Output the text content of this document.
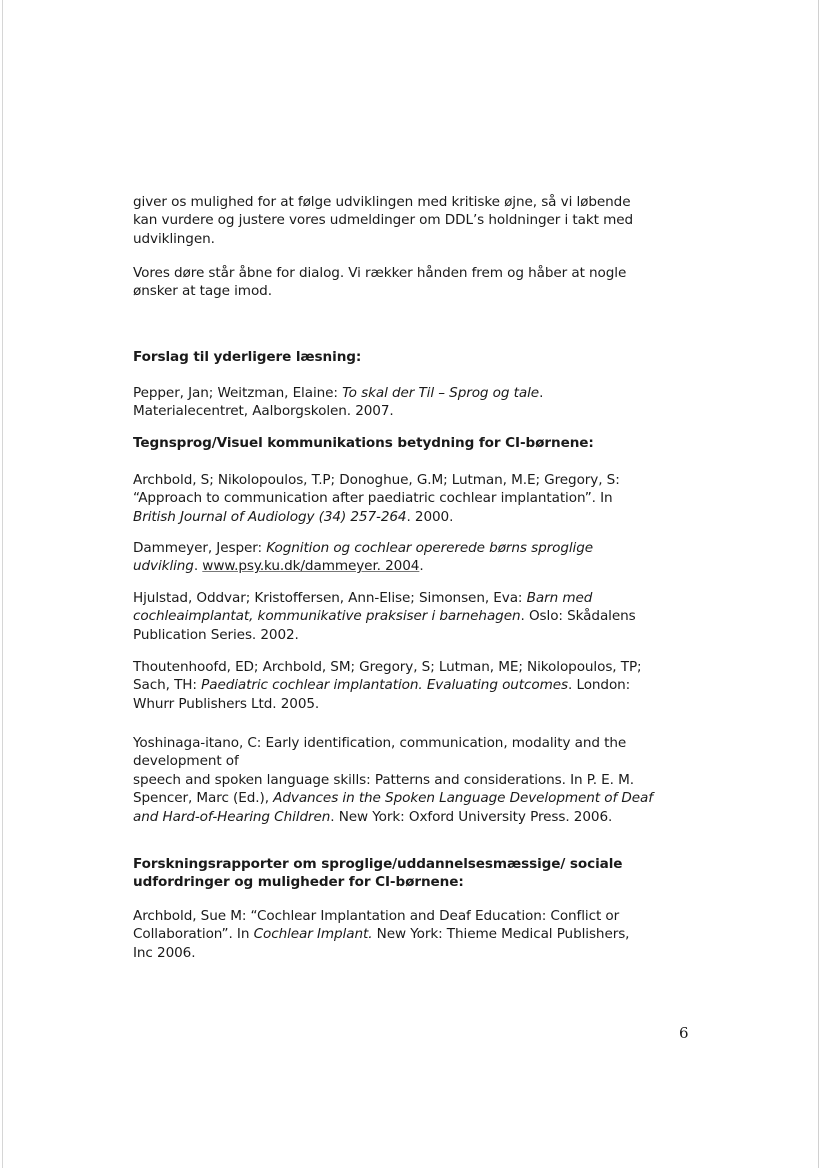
giver os mulighed for at følge udviklingen med kritiske øjne, så vi løbende
kan vurdere og justere vores udmeldinger om DDL’s holdninger i takt med
udviklingen.
Vores døre står åbne for dialog. Vi rækker hånden frem og håber at nogle
ønsker at tage imod.
Forslag til yderligere læsning:
Pepper, Jan; Weitzman, Elaine: To skal der Til – Sprog og tale.
Materialecentret, Aalborgskolen. 2007.
Tegnsprog/Visuel kommunikations betydning for CI-børnene:
Archbold, S; Nikolopoulos, T.P; Donoghue, G.M; Lutman, M.E; Gregory, S:
“Approach to communication after paediatric cochlear implantation”. In
British Journal of Audiology (34) 257-264. 2000.
Dammeyer, Jesper: Kognition og cochlear opererede børns sproglige
udvikling. www.psy.ku.dk/dammeyer. 2004.
Hjulstad, Oddvar; Kristoffersen, Ann-Elise; Simonsen, Eva: Barn med
cochleaimplantat, kommunikative praksiser i barnehagen. Oslo: Skådalens
Publication Series. 2002.
Thoutenhoofd, ED; Archbold, SM; Gregory, S; Lutman, ME; Nikolopoulos, TP;
Sach, TH: Paediatric cochlear implantation. Evaluating outcomes. London:
Whurr Publishers Ltd. 2005.
Yoshinaga-itano, C: Early identification, communication, modality and the
development of
speech and spoken language skills: Patterns and considerations. In P. E. M.
Spencer, Marc (Ed.), Advances in the Spoken Language Development of Deaf
and Hard-of-Hearing Children. New York: Oxford University Press. 2006.
Forskningsrapporter om sproglige/uddannelsesmæssige/ sociale
udfordringer og muligheder for CI-børnene:
Archbold, Sue M: “Cochlear Implantation and Deaf Education: Conflict or
Collaboration”. In Cochlear Implant. New York: Thieme Medical Publishers,
Inc 2006.
6
